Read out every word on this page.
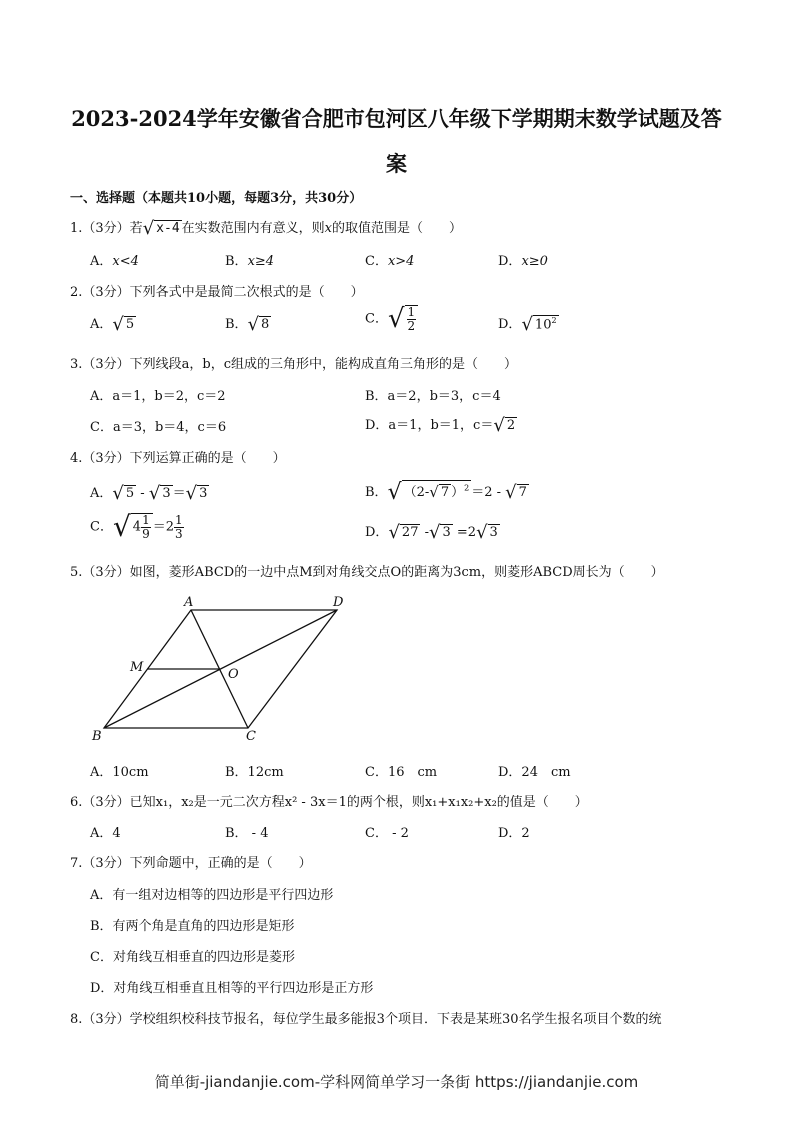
2023-2024学年安徽省合肥市包河区八年级下学期期末数学试题及答
案
一、选择题（本题共10小题，每题3分，共30分）
1.（3分）若√ x-4 在实数范围内有意义，则x的取值范围是（　　）
A．x<4	B．x≥4	C．x>4	D．x≥0
2.（3分）下列各式中是最简二次根式的是（　　）
A．√ 5	B．√ 8	C．√ $\frac{1}{2}$	D．√ $10^2$
3.（3分）下列线段a，b，c组成的三角形中，能构成直角三角形的是（　　）
A．a＝1，b＝2，c＝2	B．a＝2，b＝3，c＝4
C．a＝3，b＝4，c＝6	D．a＝1，b＝1，c＝√ 2
4.（3分）下列运算正确的是（　　）
A．√ 5 - √ 3 ＝√ 3	B．√ （2-√ 7 ）$^2$ ＝2 - √ 7
C．√ $4 \frac{1}{9} =2 \frac{1}{3}$	D．√ 27 -√ 3 =2√ 3
5.（3分）如图，菱形ABCD的一边中点M到对角线交点O的距离为3cm，则菱形ABCD周长为（　　）
A	D
M	O
B	C
A．10cm	B．12cm	C．16　cm	D．24　cm
6.（3分）已知x₁，x₂是一元二次方程x² - 3x＝1的两个根，则x₁+x₁x₂+x₂的值是（　　）
A．4	B． - 4	C． - 2	D．2
7.（3分）下列命题中，正确的是（　　）
A．有一组对边相等的四边形是平行四边形
B．有两个角是直角的四边形是矩形
C．对角线互相垂直的四边形是菱形
D．对角线互相垂直且相等的平行四边形是正方形
8.（3分）学校组织校科技节报名，每位学生最多能报3个项目．下表是某班30名学生报名项目个数的统
简单街-jiandanjie.com-学科网简单学习一条街 https://jiandanjie.com
